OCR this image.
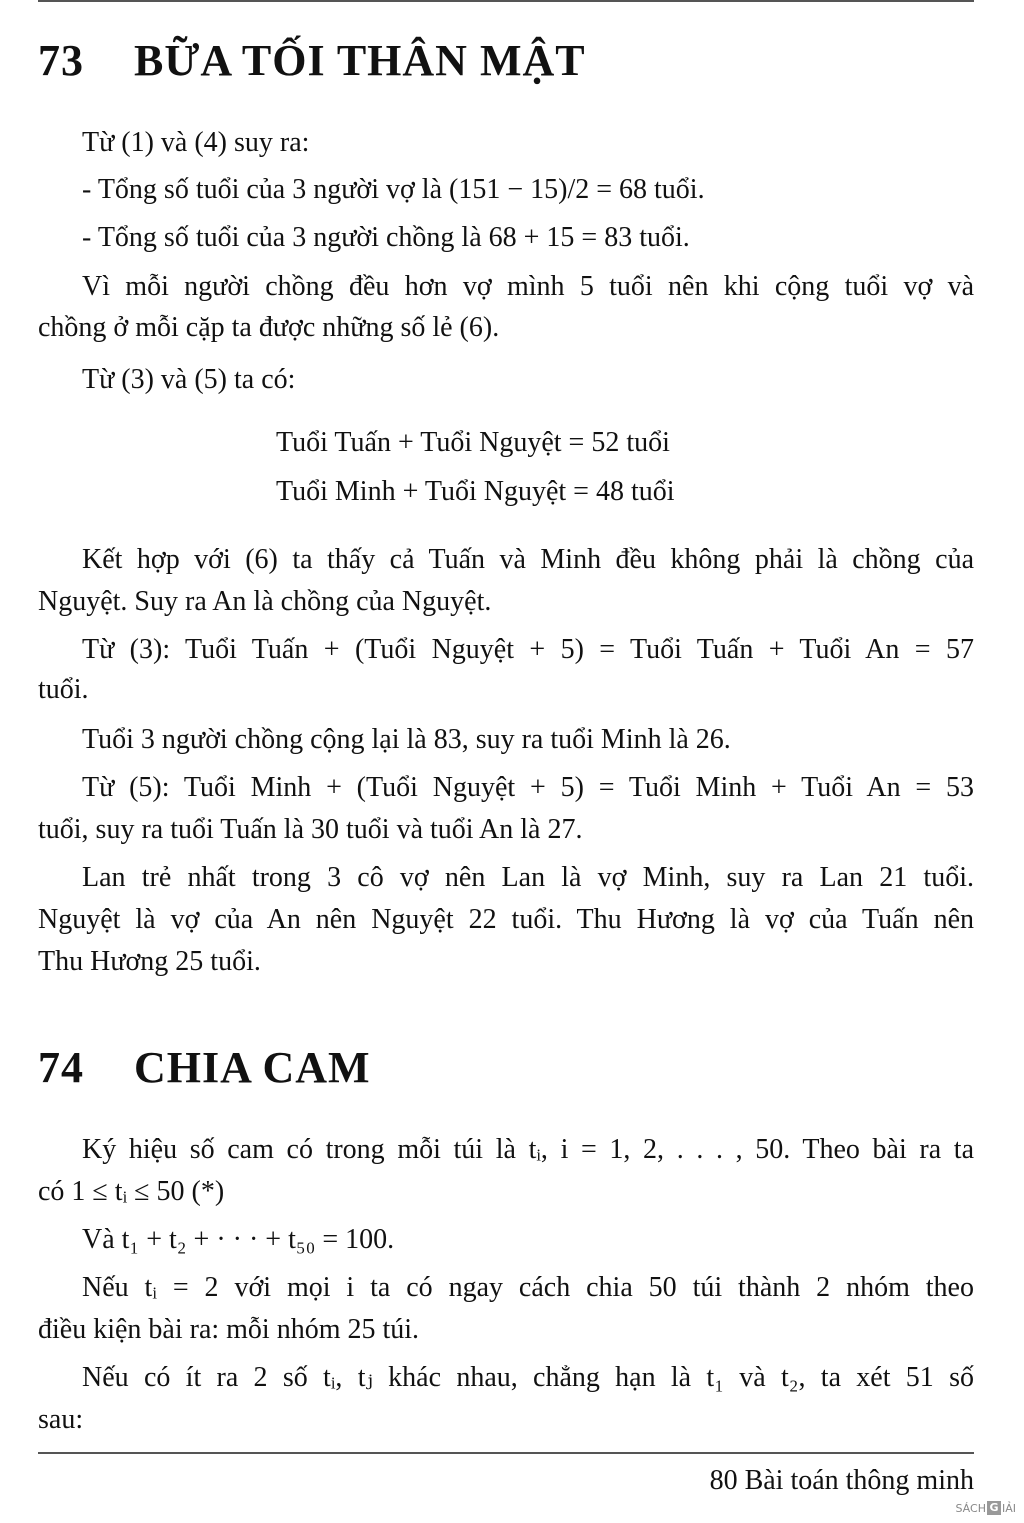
73 BỮA TỐI THÂN MẬT
Từ (1) và (4) suy ra:
- Tổng số tuổi của 3 người vợ là (151 − 15)/2 = 68 tuổi.
- Tổng số tuổi của 3 người chồng là 68 + 15 = 83 tuổi.
Vì mỗi người chồng đều hơn vợ mình 5 tuổi nên khi cộng tuổi vợ và
chồng ở mỗi cặp ta được những số lẻ (6).
Từ (3) và (5) ta có:
Tuổi Tuấn + Tuổi Nguyệt = 52 tuổi
Tuổi Minh + Tuổi Nguyệt = 48 tuổi
Kết hợp với (6) ta thấy cả Tuấn và Minh đều không phải là chồng của
Nguyệt. Suy ra An là chồng của Nguyệt.
Từ (3): Tuổi Tuấn + (Tuổi Nguyệt + 5) = Tuổi Tuấn + Tuổi An = 57
tuổi.
Tuổi 3 người chồng cộng lại là 83, suy ra tuổi Minh là 26.
Từ (5): Tuổi Minh + (Tuổi Nguyệt + 5) = Tuổi Minh + Tuổi An = 53
tuổi, suy ra tuổi Tuấn là 30 tuổi và tuổi An là 27.
Lan trẻ nhất trong 3 cô vợ nên Lan là vợ Minh, suy ra Lan 21 tuổi.
Nguyệt là vợ của An nên Nguyệt 22 tuổi. Thu Hương là vợ của Tuấn nên
Thu Hương 25 tuổi.
74 CHIA CAM
Ký hiệu số cam có trong mỗi túi là tᵢ, i = 1, 2, . . . , 50. Theo bài ra ta
có 1 ≤ tᵢ ≤ 50 (*)
Và t₁ + t₂ + · · · + t₅₀ = 100.
Nếu tᵢ = 2 với mọi i ta có ngay cách chia 50 túi thành 2 nhóm theo
điều kiện bài ra: mỗi nhóm 25 túi.
Nếu có ít ra 2 số tᵢ, tⱼ khác nhau, chẳng hạn là t₁ và t₂, ta xét 51 số
sau:
80 Bài toán thông minh
SÁCH G IẢI
